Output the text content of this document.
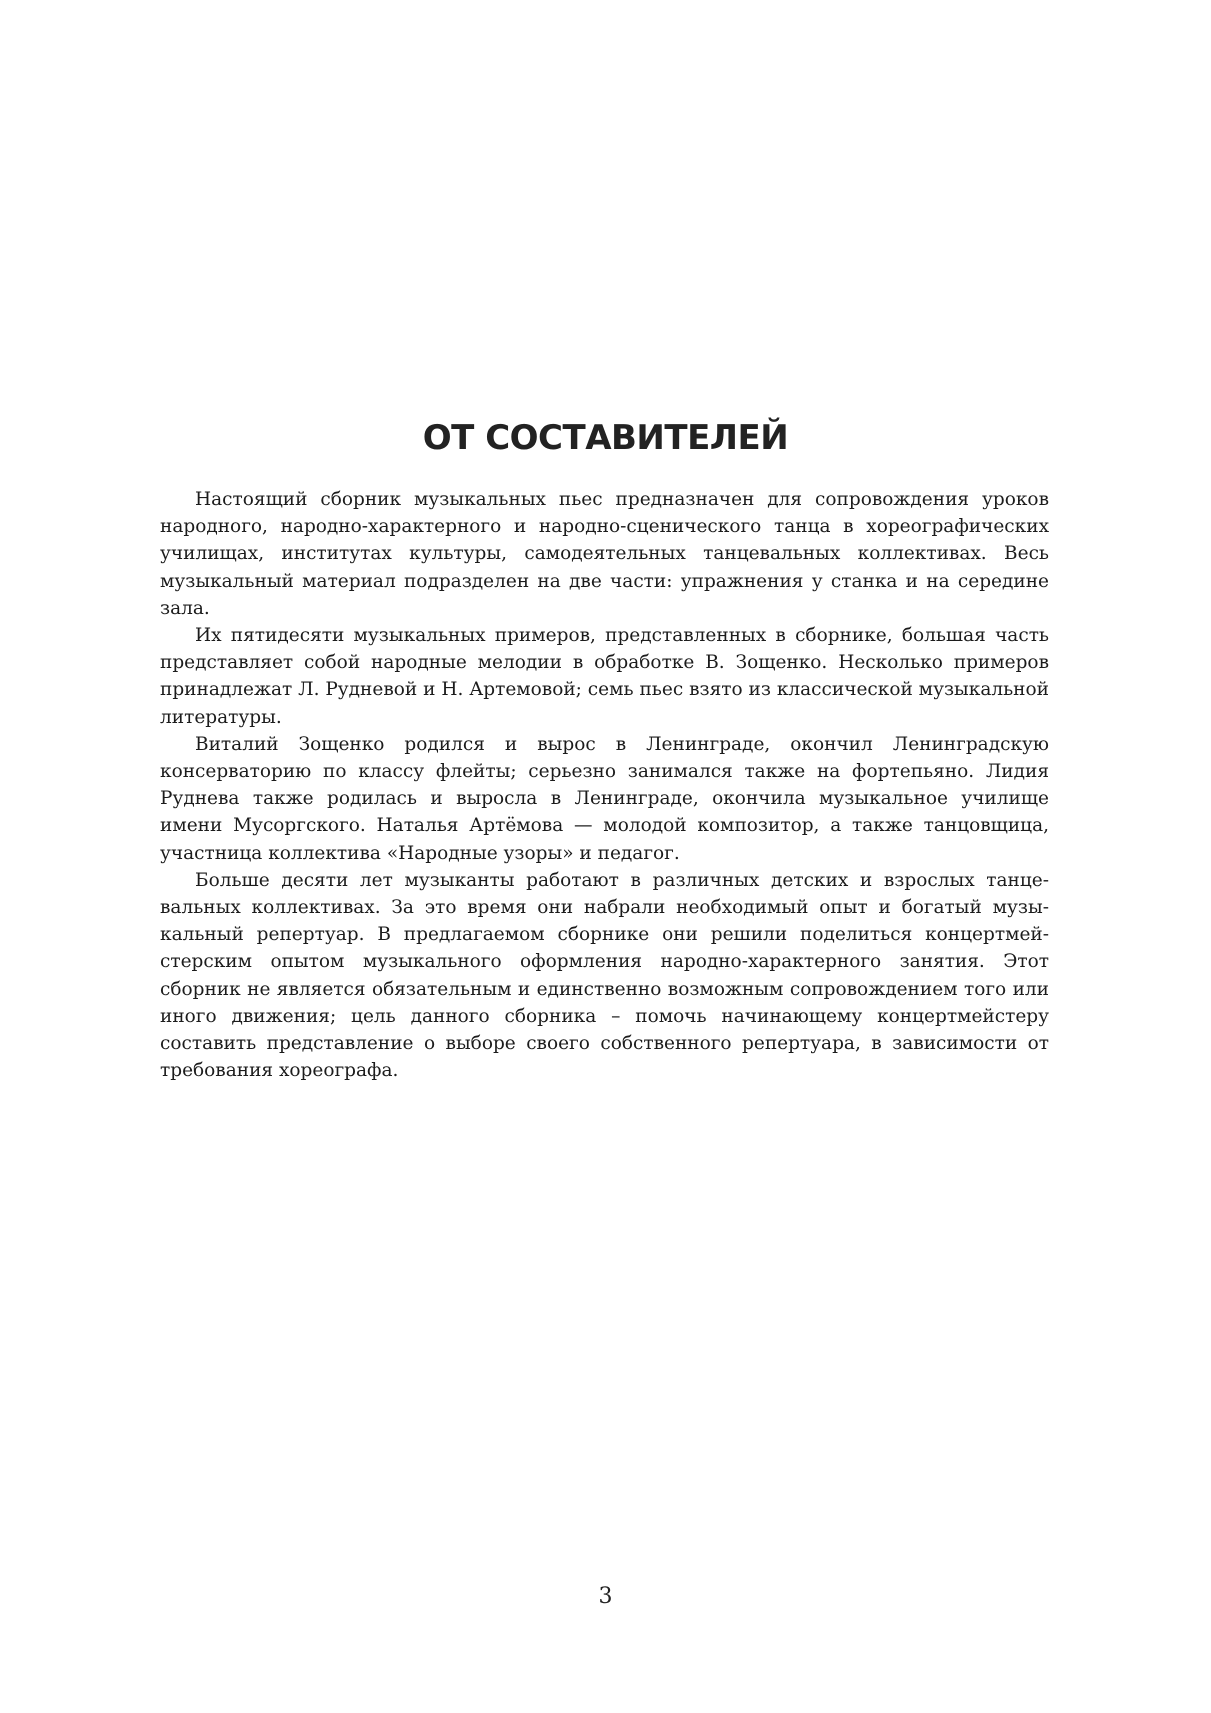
ОТ СОСТАВИТЕЛЕЙ

Настоящий сборник музыкальных пьес предназначен для сопровождения уроков народного, народно-характерного и народно-сценического танца в хореографических училищах, институтах культуры, самодеятельных танцевальных коллективах. Весь музыкальный материал подразделен на две части: упражнения у станка и на середине зала.

Их пятидесяти музыкальных примеров, представленных в сборнике, большая часть представляет собой народные мелодии в обработке В. Зощенко. Несколько примеров принадлежат Л. Рудневой и Н. Артемовой; семь пьес взято из классической музыкальной литературы.

Виталий Зощенко родился и вырос в Ленинграде, окончил Ленинградскую консерваторию по классу флейты; серьезно занимался также на фортепьяно. Лидия Руднева также родилась и выросла в Ленинграде, окончила музыкальное училище имени Мусоргского. Наталья Артёмова — молодой композитор, а также танцовщица, участница коллектива «Народные узоры» и педагог.

Больше десяти лет музыканты работают в различных детских и взрослых танцевальных коллективах. За это время они набрали необходимый опыт и богатый музыкальный репертуар. В предлагаемом сборнике они решили поделиться концертмейстерским опытом музыкального оформления народно-характерного занятия. Этот сборник не является обязательным и единственно возможным сопровождением того или иного движения; цель данного сборника – помочь начинающему концертмейстеру составить представление о выборе своего собственного репертуара, в зависимости от требования хореографа.

3
